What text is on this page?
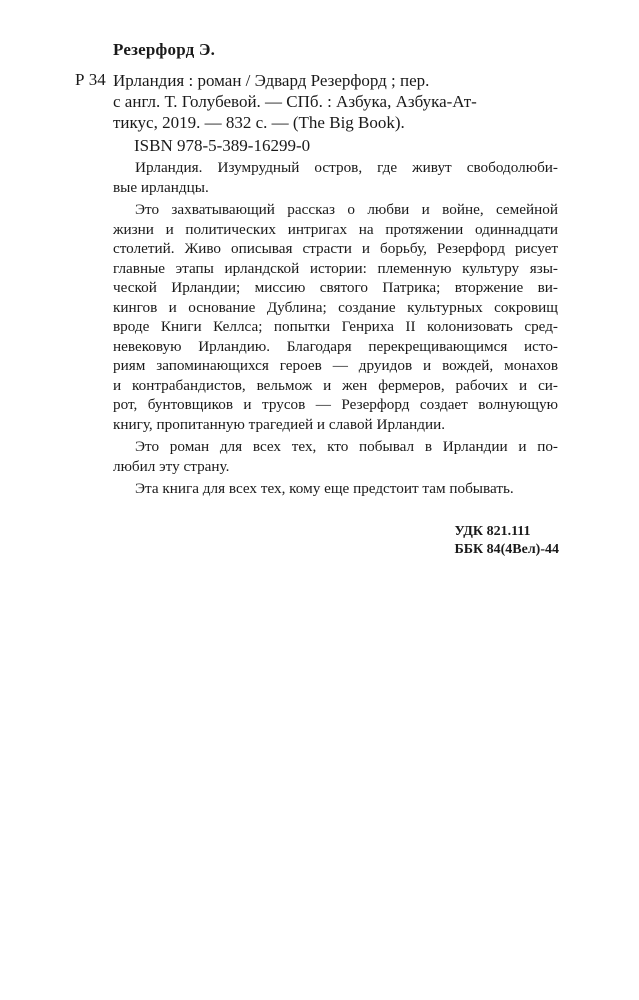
Резерфорд Э.
Р 34 Ирландия : роман / Эдвард Резерфорд ; пер.
с англ. Т. Голубевой. — СПб. : Азбука, Азбука-Ат-
тикус, 2019. — 832 с. — (The Big Book).
ISBN 978-5-389-16299-0
Ирландия. Изумрудный остров, где живут свободолюби-
вые ирландцы.
Это захватывающий рассказ о любви и войне, семейной
жизни и политических интригах на протяжении одиннадцати
столетий. Живо описывая страсти и борьбу, Резерфорд рисует
главные этапы ирландской истории: племенную культуру язы-
ческой Ирландии; миссию святого Патрика; вторжение ви-
кингов и основание Дублина; создание культурных сокровищ
вроде Книги Келлса; попытки Генриха II колонизовать сред-
невековую Ирландию. Благодаря перекрещивающимся исто-
риям запоминающихся героев — друидов и вождей, монахов
и контрабандистов, вельмож и жен фермеров, рабочих и си-
рот, бунтовщиков и трусов — Резерфорд создает волнующую
книгу, пропитанную трагедией и славой Ирландии.
Это роман для всех тех, кто побывал в Ирландии и по-
любил эту страну.
Эта книга для всех тех, кому еще предстоит там побывать.
УДК 821.111
ББК 84(4Вел)-44
